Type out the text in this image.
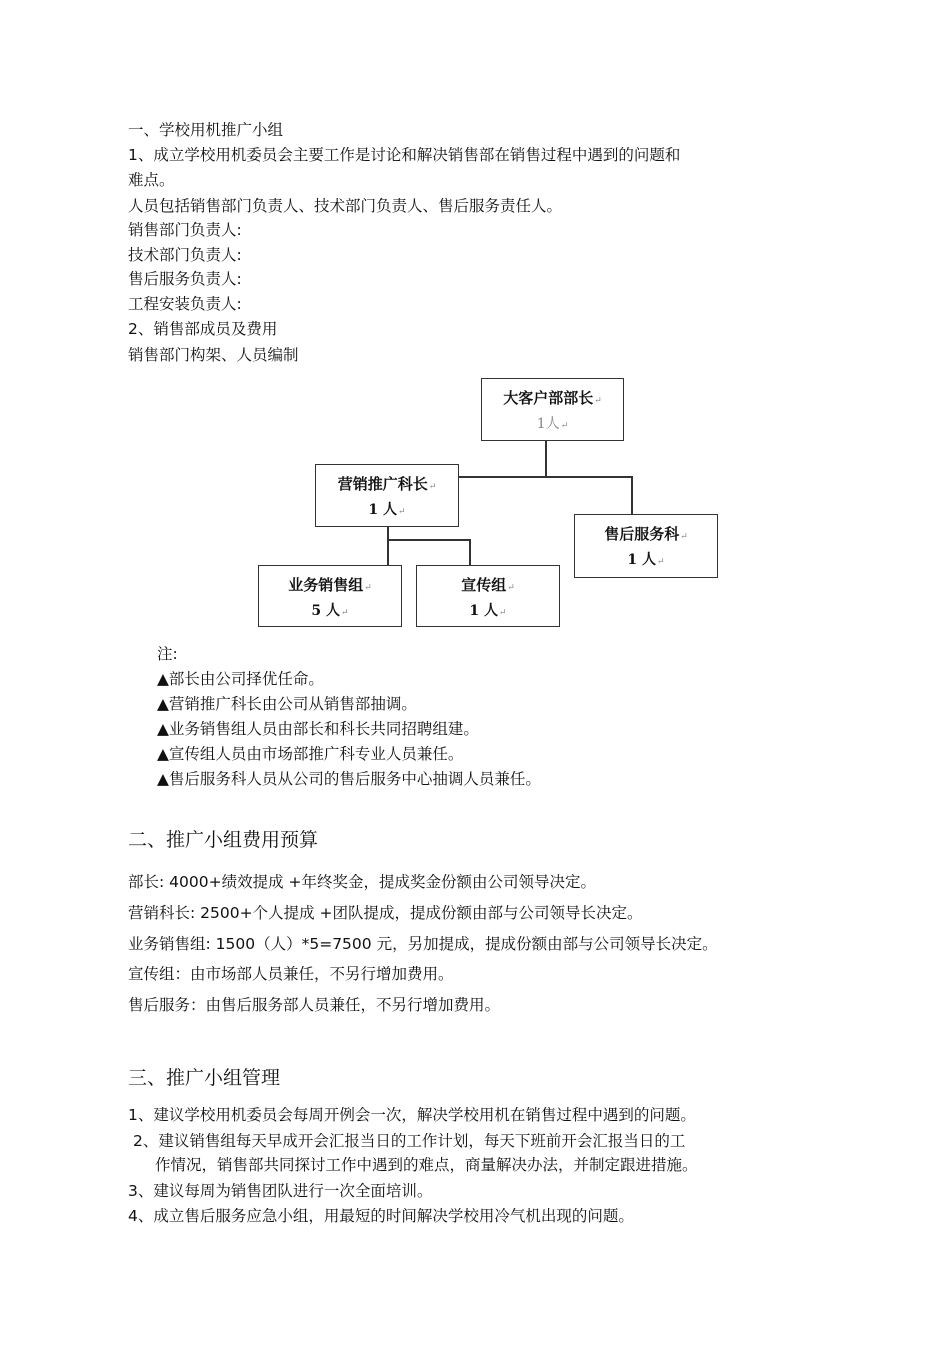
一、学校用机推广小组
1、成立学校用机委员会主要工作是讨论和解决销售部在销售过程中遇到的问题和
难点。
人员包括销售部门负责人、技术部门负责人、售后服务责任人。
销售部门负责人:
技术部门负责人:
售后服务负责人:
工程安装负责人:
2、销售部成员及费用
销售部门构架、人员编制
大客户部部长↵
1人↵
营销推广科长↵
1 人↵
售后服务科↵
1 人↵
业务销售组↵
5 人↵
宣传组↵
1 人↵
注:
▲部长由公司择优任命。
▲营销推广科长由公司从销售部抽调。
▲业务销售组人员由部长和科长共同招聘组建。
▲宣传组人员由市场部推广科专业人员兼任。
▲售后服务科人员从公司的售后服务中心抽调人员兼任。
二、推广小组费用预算
部长: 4000+绩效提成 +年终奖金，提成奖金份额由公司领导决定。
营销科长: 2500+个人提成 +团队提成，提成份额由部与公司领导长决定。
业务销售组: 1500（人）*5=7500 元，另加提成，提成份额由部与公司领导长决定。
宣传组：由市场部人员兼任，不另行增加费用。
售后服务：由售后服务部人员兼任，不另行增加费用。
三、推广小组管理
1、建议学校用机委员会每周开例会一次，解决学校用机在销售过程中遇到的问题。
2、建议销售组每天早成开会汇报当日的工作计划，每天下班前开会汇报当日的工
作情况，销售部共同探讨工作中遇到的难点，商量解决办法，并制定跟进措施。
3、建议每周为销售团队进行一次全面培训。
4、成立售后服务应急小组，用最短的时间解决学校用冷气机出现的问题。
